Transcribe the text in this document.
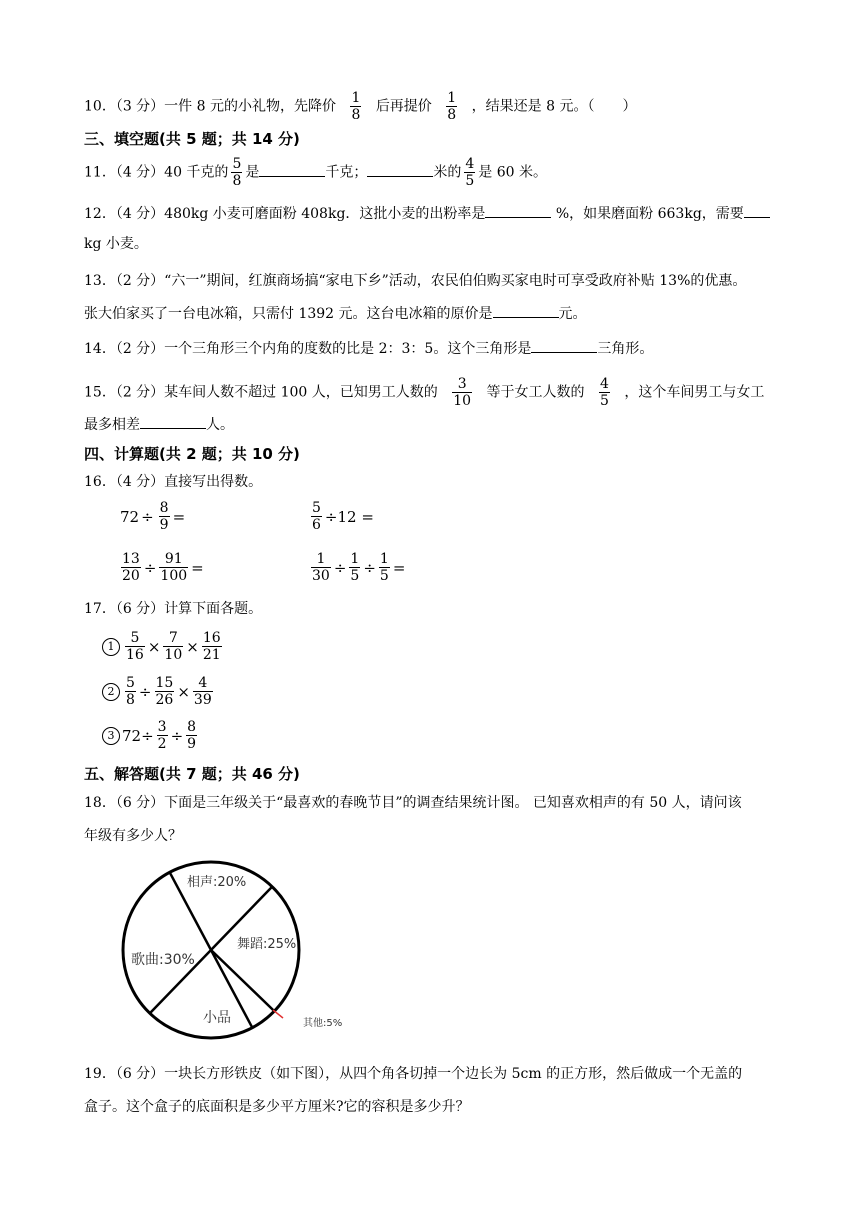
10．（3 分）一件 8 元的小礼物，先降价 $\frac{1}{8}$ 后再提价 $\frac{1}{8}$ ，结果还是 8 元。（　　）
三、填空题(共 5 题；共 14 分)
11．（4 分）40 千克的 $\frac{5}{8}$ 是	千克；	米的 $\frac{4}{5}$ 是 60 米。
12．（4 分）480kg 小麦可磨面粉 408kg．这批小麦的出粉率是	%，如果磨面粉 663kg，需要
kg 小麦。
13．（2 分）“六一”期间，红旗商场搞“家电下乡”活动，农民伯伯购买家电时可享受政府补贴 13%的优惠。
张大伯家买了一台电冰箱，只需付 1392 元。这台电冰箱的原价是	元。
14．（2 分）一个三角形三个内角的度数的比是 2：3：5。这个三角形是	三角形。
15．（2 分）某车间人数不超过 100 人，已知男工人数的 $\frac{3}{10}$ 等于女工人数的 $\frac{4}{5}$ ，这个车间男工与女工
最多相差	人。
四、计算题(共 2 题；共 10 分)
16．（4 分）直接写出得数。
$72 \div \frac{8}{9}$ =	$\frac{5}{6} \div 12$ =
$\frac{13}{20} \div \frac{91}{100}$ =	$\frac{1}{30} \div \frac{1}{5} \div \frac{1}{5}$ =
17．（6 分）计算下面各题。
$1 \frac{5}{16} \times \frac{7}{10} \times \frac{16}{21}$
$2 \frac{5}{8} \div \frac{15}{26} \times \frac{4}{39}$
3 $72 \div \frac{3}{2} \div \frac{8}{9}$
五、解答题(共 7 题；共 46 分)
18．（6 分）下面是三年级关于“最喜欢的春晚节目”的调查结果统计图。 已知喜欢相声的有 50 人，请问该
年级有多少人？
相声:20%
舞蹈:25%
其他:5%
小品
歌曲:30%
19．（6 分）一块长方形铁皮（如下图），从四个角各切掉一个边长为 5cm 的正方形，然后做成一个无盖的
盒子。这个盒子的底面积是多少平方厘米?它的容积是多少升？
